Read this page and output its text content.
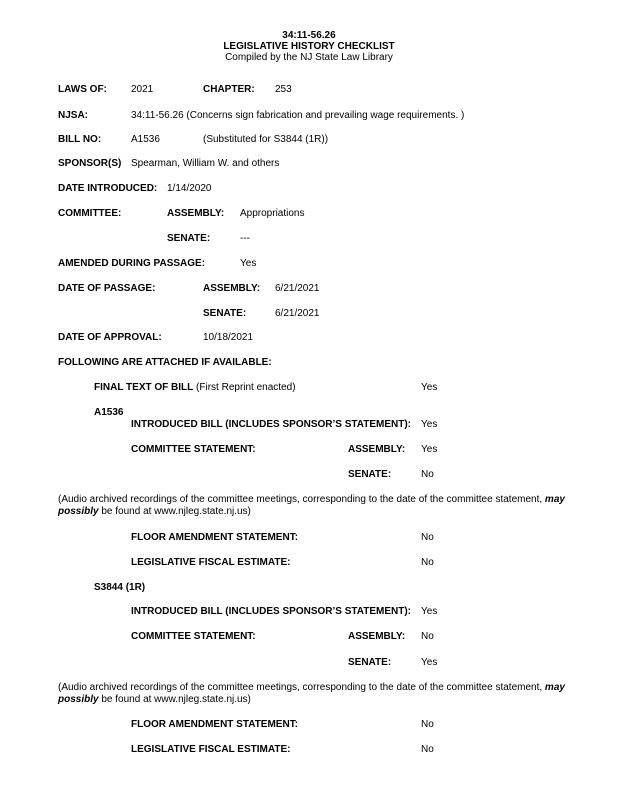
34:11-56.26
LEGISLATIVE HISTORY CHECKLIST
Compiled by the NJ State Law Library
LAWS OF: 2021	CHAPTER: 253
NJSA:	34:11-56.26 (Concerns sign fabrication and prevailing wage requirements. )
BILL NO:	A1536	(Substituted for S3844 (1R))
SPONSOR(S) Spearman, William W. and others
DATE INTRODUCED: 1/14/2020
COMMITTEE:	ASSEMBLY: Appropriations
SENATE:	---
AMENDED DURING PASSAGE:	Yes
DATE OF PASSAGE:	ASSEMBLY: 6/21/2021
SENATE:	6/21/2021
DATE OF APPROVAL:	10/18/2021
FOLLOWING ARE ATTACHED IF AVAILABLE:
FINAL TEXT OF BILL (First Reprint enacted)	Yes
A1536
INTRODUCED BILL (INCLUDES SPONSOR’S STATEMENT): Yes
COMMITTEE STATEMENT:	ASSEMBLY: Yes
SENATE:	No
(Audio archived recordings of the committee meetings, corresponding to the date of the committee statement, may
possibly be found at www.njleg.state.nj.us)
FLOOR AMENDMENT STATEMENT:	No
LEGISLATIVE FISCAL ESTIMATE:	No
S3844 (1R)
INTRODUCED BILL (INCLUDES SPONSOR’S STATEMENT): Yes
COMMITTEE STATEMENT:	ASSEMBLY: No
SENATE:	Yes
(Audio archived recordings of the committee meetings, corresponding to the date of the committee statement, may
possibly be found at www.njleg.state.nj.us)
FLOOR AMENDMENT STATEMENT:	No
LEGISLATIVE FISCAL ESTIMATE:	No
